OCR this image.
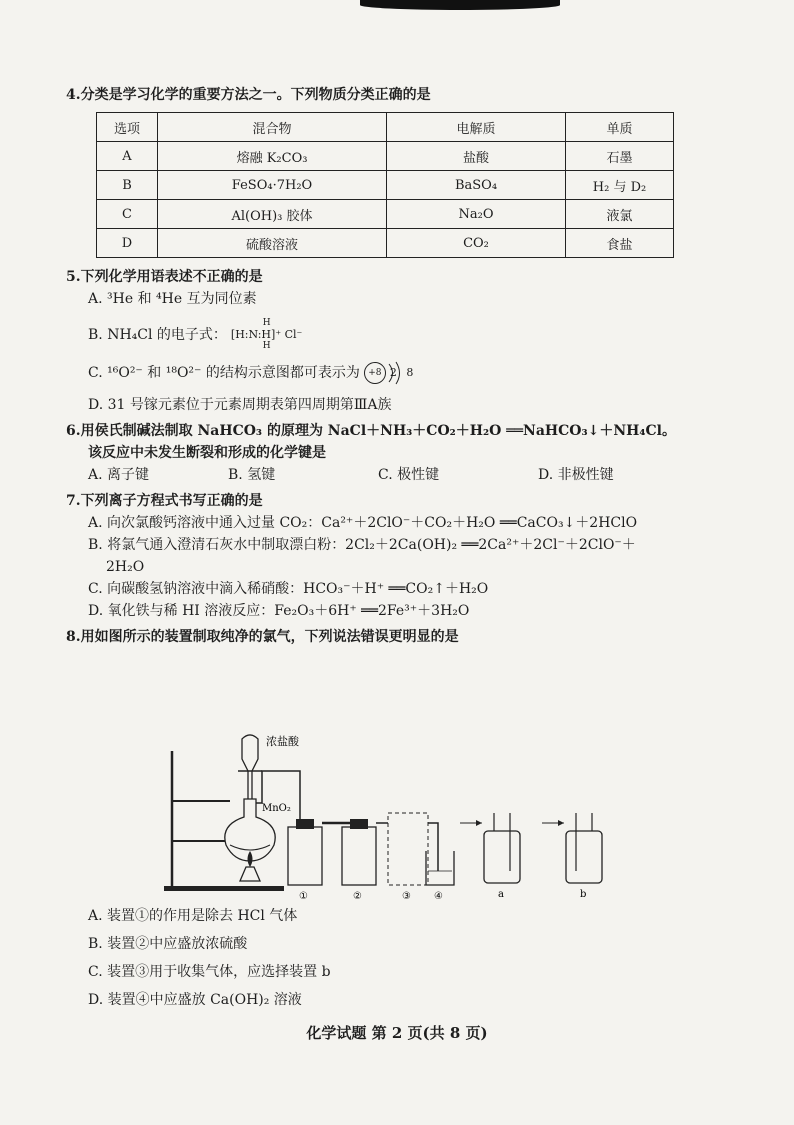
4.分类是学习化学的重要方法之一。下列物质分类正确的是

选项	混合物	电解质	单质
A	熔融 K₂CO₃	盐酸	石墨
B	FeSO₄·7H₂O	BaSO₄	H₂ 与 D₂
C	Al(OH)₃ 胶体	Na₂O	液氯
D	硫酸溶液	CO₂	食盐

5.下列化学用语表述不正确的是

A. ³He 和 ⁴He 互为同位素

B. NH₄Cl 的电子式：
H
[H:N:H]⁺ Cl⁻
H
C. ¹⁶O²⁻ 和 ¹⁸O²⁻ 的结构示意图都可表示为 +8 2 8

D. 31 号镓元素位于元素周期表第四周期第ⅢA族

6.用侯氏制碱法制取 NaHCO₃ 的原理为 NaCl＋NH₃＋CO₂＋H₂O ══NaHCO₃↓＋NH₄Cl。

该反应中未发生断裂和形成的化学键是

A. 离子键	B. 氢键	C. 极性键	D. 非极性键

7.下列离子方程式书写正确的是

A. 向次氯酸钙溶液中通入过量 CO₂：Ca²⁺＋2ClO⁻＋CO₂＋H₂O ══CaCO₃↓＋2HClO

B. 将氯气通入澄清石灰水中制取漂白粉：2Cl₂＋2Ca(OH)₂ ══2Ca²⁺＋2Cl⁻＋2ClO⁻＋

2H₂O

C. 向碳酸氢钠溶液中滴入稀硝酸：HCO₃⁻＋H⁺ ══CO₂↑＋H₂O

D. 氧化铁与稀 HI 溶液反应：Fe₂O₃＋6H⁺ ══2Fe³⁺＋3H₂O

8.用如图所示的装置制取纯净的氯气，下列说法错误更明显的是

浓盐酸
MnO₂
①	②	③ ④	a	b

A. 装置①的作用是除去 HCl 气体

B. 装置②中应盛放浓硫酸

C. 装置③用于收集气体，应选择装置 b

D. 装置④中应盛放 Ca(OH)₂ 溶液

化学试题 第 2 页(共 8 页)
